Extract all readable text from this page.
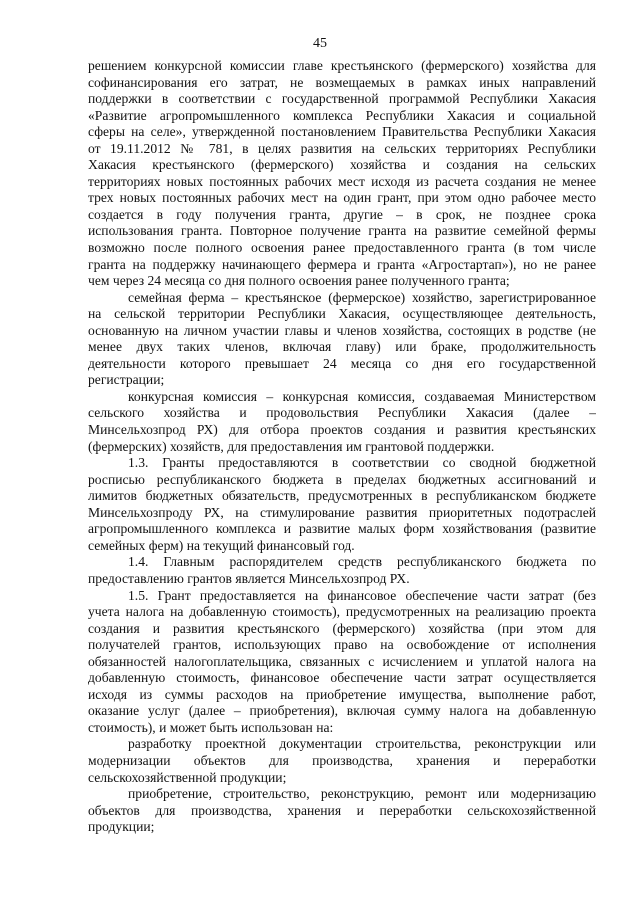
45
решением конкурсной комиссии главе крестьянского (фермерского) хозяйства для
софинансирования его затрат, не возмещаемых в рамках иных направлений
поддержки в соответствии с государственной программой Республики Хакасия
«Развитие агропромышленного комплекса Республики Хакасия и социальной
сферы на селе», утвержденной постановлением Правительства Республики Хакасия
от 19.11.2012 № 781, в целях развития на сельских территориях Республики
Хакасия крестьянского (фермерского) хозяйства и создания на сельских
территориях новых постоянных рабочих мест исходя из расчета создания не менее
трех новых постоянных рабочих мест на один грант, при этом одно рабочее место
создается в году получения гранта, другие – в срок, не позднее срока
использования гранта. Повторное получение гранта на развитие семейной фермы
возможно после полного освоения ранее предоставленного гранта (в том числе
гранта на поддержку начинающего фермера и гранта «Агростартап»), но не ранее
чем через 24 месяца со дня полного освоения ранее полученного гранта;
семейная ферма – крестьянское (фермерское) хозяйство, зарегистрированное
на сельской территории Республики Хакасия, осуществляющее деятельность,
основанную на личном участии главы и членов хозяйства, состоящих в родстве (не
менее двух таких членов, включая главу) или браке, продолжительность
деятельности которого превышает 24 месяца со дня его государственной
регистрации;
конкурсная комиссия – конкурсная комиссия, создаваемая Министерством
сельского хозяйства и продовольствия Республики Хакасия (далее –
Минсельхозпрод РХ) для отбора проектов создания и развития крестьянских
(фермерских) хозяйств, для предоставления им грантовой поддержки.
1.3. Гранты предоставляются в соответствии со сводной бюджетной
росписью республиканского бюджета в пределах бюджетных ассигнований и
лимитов бюджетных обязательств, предусмотренных в республиканском бюджете
Минсельхозпроду РХ, на стимулирование развития приоритетных подотраслей
агропромышленного комплекса и развитие малых форм хозяйствования (развитие
семейных ферм) на текущий финансовый год.
1.4. Главным распорядителем средств республиканского бюджета по
предоставлению грантов является Минсельхозпрод РХ.
1.5. Грант предоставляется на финансовое обеспечение части затрат (без
учета налога на добавленную стоимость), предусмотренных на реализацию проекта
создания и развития крестьянского (фермерского) хозяйства (при этом для
получателей грантов, использующих право на освобождение от исполнения
обязанностей налогоплательщика, связанных с исчислением и уплатой налога на
добавленную стоимость, финансовое обеспечение части затрат осуществляется
исходя из суммы расходов на приобретение имущества, выполнение работ,
оказание услуг (далее – приобретения), включая сумму налога на добавленную
стоимость), и может быть использован на:
разработку проектной документации строительства, реконструкции или
модернизации объектов для производства, хранения и переработки
сельскохозяйственной продукции;
приобретение, строительство, реконструкцию, ремонт или модернизацию
объектов для производства, хранения и переработки сельскохозяйственной
продукции;
